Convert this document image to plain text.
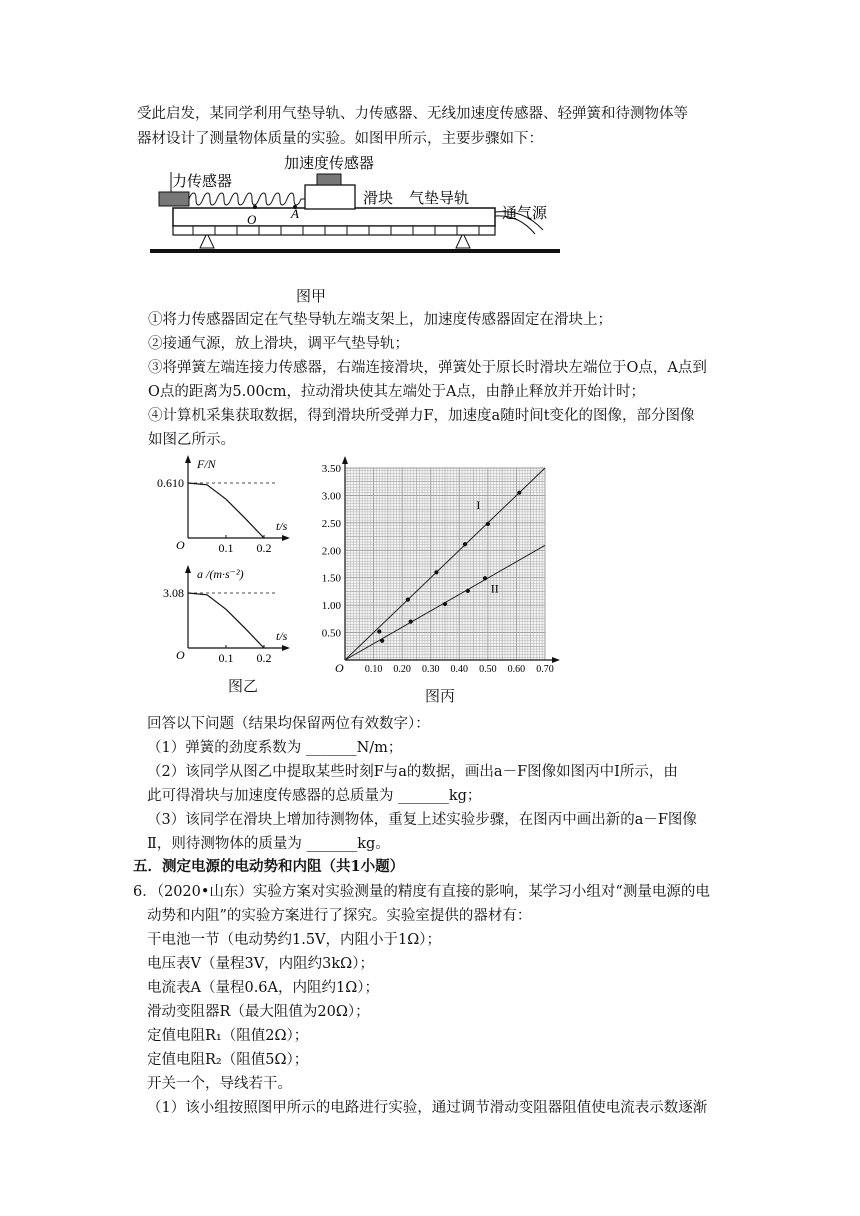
受此启发，某同学利用气垫导轨、力传感器、无线加速度传感器、轻弹簧和待测物体等
器材设计了测量物体质量的实验。如图甲所示，主要步骤如下：
O	A
加速度传感器
力传感器
滑块 气垫导轨
通气源
图甲
①将力传感器固定在气垫导轨左端支架上，加速度传感器固定在滑块上；
②接通气源，放上滑块，调平气垫导轨；
③将弹簧左端连接力传感器，右端连接滑块，弹簧处于原长时滑块左端位于O点，A点到
O点的距离为5.00cm，拉动滑块使其左端处于A点，由静止释放并开始计时；
④计算机采集获取数据，得到滑块所受弹力F，加速度a随时间t变化的图像，部分图像
如图乙所示。
F/N
t/s
O
0.610
0.1 0.2
a /(m·s⁻²)
t/s
O
3.08
0.1 0.2
图乙
O
0.50
1.00
1.50
2.00
2.50
3.00
3.50
0.10 0.20 0.30 0.40 0.50 0.60 0.70
I
II
图丙
回答以下问题（结果均保留两位有效数字）：
（1）弹簧的劲度系数为 _______N/m；
（2）该同学从图乙中提取某些时刻F与a的数据，画出a－F图像如图丙中Ⅰ所示，由
此可得滑块与加速度传感器的总质量为 _______kg；
（3）该同学在滑块上增加待测物体，重复上述实验步骤，在图丙中画出新的a－F图像
Ⅱ，则待测物体的质量为 _______kg。
五．测定电源的电动势和内阻（共1小题）
6．（2020•山东）实验方案对实验测量的精度有直接的影响，某学习小组对“测量电源的电
动势和内阻”的实验方案进行了探究。实验室提供的器材有：
干电池一节（电动势约1.5V，内阻小于1Ω）；
电压表V（量程3V，内阻约3kΩ）；
电流表A（量程0.6A，内阻约1Ω）；
滑动变阻器R（最大阻值为20Ω）；
定值电阻R₁（阻值2Ω）；
定值电阻R₂（阻值5Ω）；
开关一个，导线若干。
（1）该小组按照图甲所示的电路进行实验，通过调节滑动变阻器阻值使电流表示数逐渐
